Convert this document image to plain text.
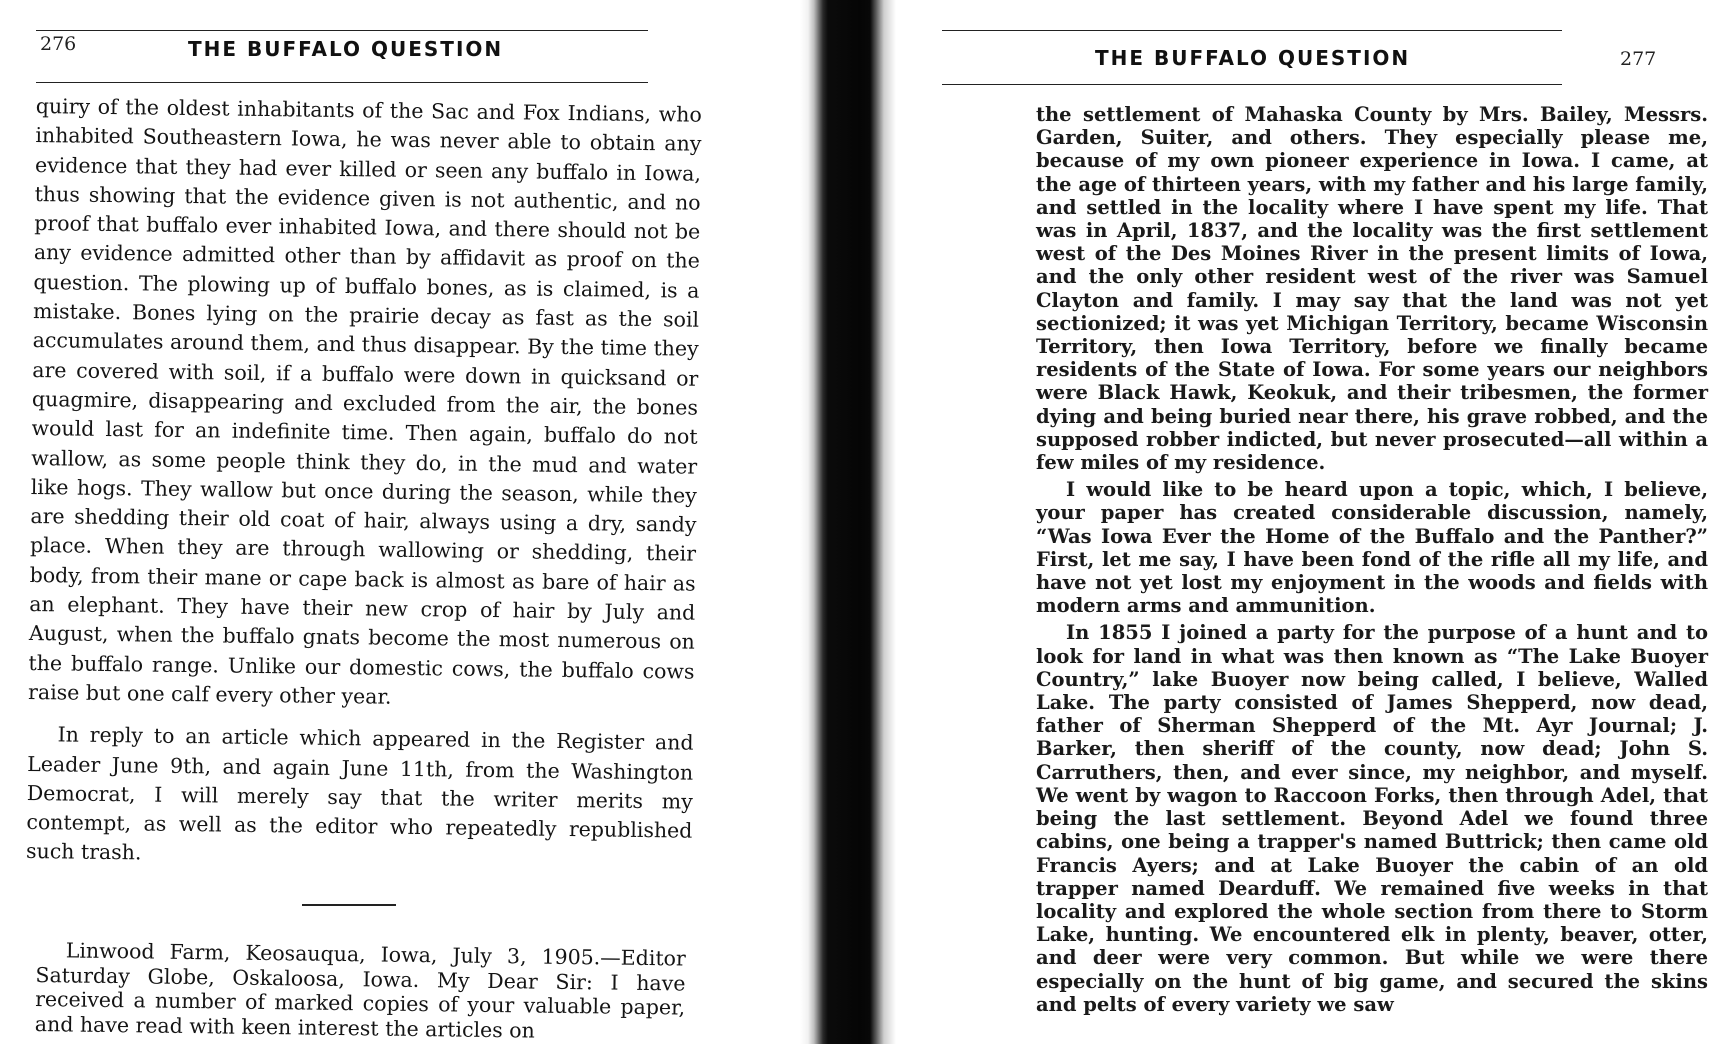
276	THE BUFFALO QUESTION

quiry of the oldest inhabitants of the Sac and Fox Indians, who inhabited Southeastern Iowa, he was never able to obtain any evidence that they had ever killed or seen any buffalo in Iowa, thus showing that the evidence given is not authentic, and no proof that buffalo ever inhabited Iowa, and there should not be any evidence admitted other than by affidavit as proof on the question. The plowing up of buffalo bones, as is claimed, is a mistake. Bones lying on the prairie decay as fast as the soil accumulates around them, and thus disappear. By the time they are covered with soil, if a buffalo were down in quicksand or quagmire, disappearing and excluded from the air, the bones would last for an indefinite time. Then again, buffalo do not wallow, as some people think they do, in the mud and water like hogs. They wallow but once during the season, while they are shedding their old coat of hair, always using a dry, sandy place. When they are through wallowing or shedding, their body, from their mane or cape back is almost as bare of hair as an elephant. They have their new crop of hair by July and August, when the buffalo gnats become the most numerous on the buffalo range. Unlike our domestic cows, the buffalo cows raise but one calf every other year.

In reply to an article which appeared in the Register and Leader June 9th, and again June 11th, from the Washington Democrat, I will merely say that the writer merits my contempt, as well as the editor who repeatedly republished such trash.

Linwood Farm, Keosauqua, Iowa, July 3, 1905.—Editor Saturday Globe, Oskaloosa, Iowa. My Dear Sir: I have received a number of marked copies of your valuable paper, and have read with keen interest the articles on

THE BUFFALO QUESTION	277

the settlement of Mahaska County by Mrs. Bailey, Messrs. Garden, Suiter, and others. They especially please me, because of my own pioneer experience in Iowa. I came, at the age of thirteen years, with my father and his large family, and settled in the locality where I have spent my life. That was in April, 1837, and the locality was the first settlement west of the Des Moines River in the present limits of Iowa, and the only other resident west of the river was Samuel Clayton and family. I may say that the land was not yet sectionized; it was yet Michigan Territory, became Wisconsin Territory, then Iowa Territory, before we finally became residents of the State of Iowa. For some years our neighbors were Black Hawk, Keokuk, and their tribesmen, the former dying and being buried near there, his grave robbed, and the supposed robber indicted, but never prosecuted—all within a few miles of my residence.

I would like to be heard upon a topic, which, I believe, your paper has created considerable discussion, namely, “Was Iowa Ever the Home of the Buffalo and the Panther?” First, let me say, I have been fond of the rifle all my life, and have not yet lost my enjoyment in the woods and fields with modern arms and ammunition.

In 1855 I joined a party for the purpose of a hunt and to look for land in what was then known as “The Lake Buoyer Country,” lake Buoyer now being called, I believe, Walled Lake. The party consisted of James Shepperd, now dead, father of Sherman Shepperd of the Mt. Ayr Journal; J. Barker, then sheriff of the county, now dead; John S. Carruthers, then, and ever since, my neighbor, and myself. We went by wagon to Raccoon Forks, then through Adel, that being the last settlement. Beyond Adel we found three cabins, one being a trapper's named Buttrick; then came old Francis Ayers; and at Lake Buoyer the cabin of an old trapper named Dearduff. We remained five weeks in that locality and explored the whole section from there to Storm Lake, hunting. We encountered elk in plenty, beaver, otter, and deer were very common. But while we were there especially on the hunt of big game, and secured the skins and pelts of every variety we saw
